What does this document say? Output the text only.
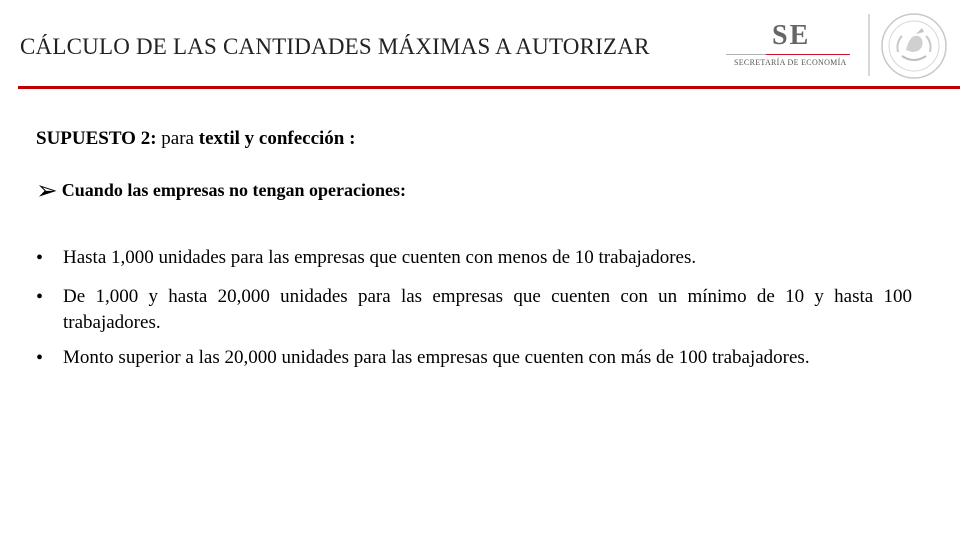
CÁLCULO DE LAS CANTIDADES MÁXIMAS A AUTORIZAR	SE
SECRETARÍA DE ECONOMÍA
SUPUESTO 2: para textil y confección :
➢ Cuando las empresas no tengan operaciones:
• Hasta 1,000 unidades para las empresas que cuenten con menos de 10 trabajadores.
• De 1,000 y hasta 20,000 unidades para las empresas que cuenten con un mínimo de 10 y hasta 100 trabajadores.
• Monto superior a las 20,000 unidades para las empresas que cuenten con más de 100 trabajadores.
